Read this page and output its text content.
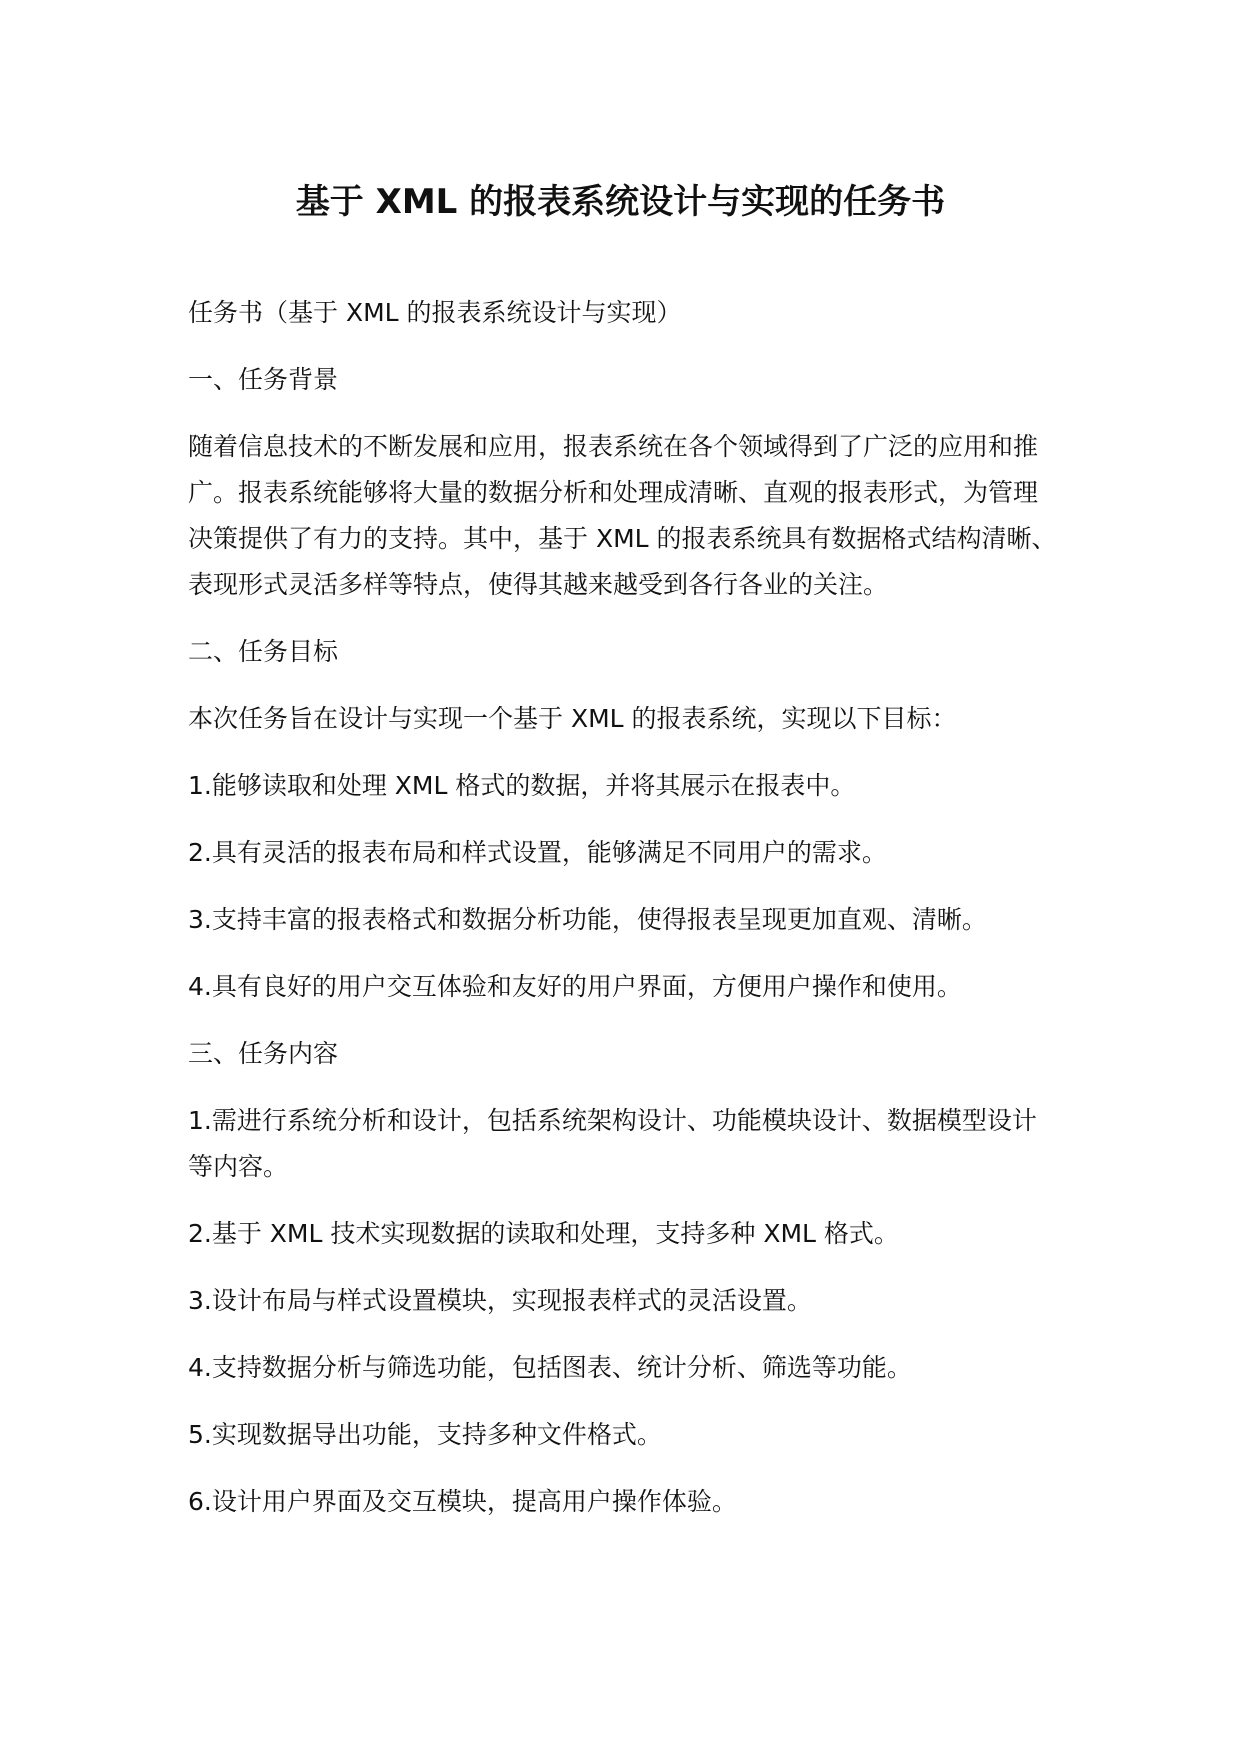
基于 XML 的报表系统设计与实现的任务书

任务书（基于 XML 的报表系统设计与实现）

一、任务背景

随着信息技术的不断发展和应用，报表系统在各个领域得到了广泛的应用和推广。报表系统能够将大量的数据分析和处理成清晰、直观的报表形式，为管理决策提供了有力的支持。其中，基于 XML 的报表系统具有数据格式结构清晰、表现形式灵活多样等特点，使得其越来越受到各行各业的关注。

二、任务目标

本次任务旨在设计与实现一个基于 XML 的报表系统，实现以下目标：

1.能够读取和处理 XML 格式的数据，并将其展示在报表中。

2.具有灵活的报表布局和样式设置，能够满足不同用户的需求。

3.支持丰富的报表格式和数据分析功能，使得报表呈现更加直观、清晰。

4.具有良好的用户交互体验和友好的用户界面，方便用户操作和使用。

三、任务内容

1.需进行系统分析和设计，包括系统架构设计、功能模块设计、数据模型设计等内容。

2.基于 XML 技术实现数据的读取和处理，支持多种 XML 格式。

3.设计布局与样式设置模块，实现报表样式的灵活设置。

4.支持数据分析与筛选功能，包括图表、统计分析、筛选等功能。

5.实现数据导出功能，支持多种文件格式。

6.设计用户界面及交互模块，提高用户操作体验。
